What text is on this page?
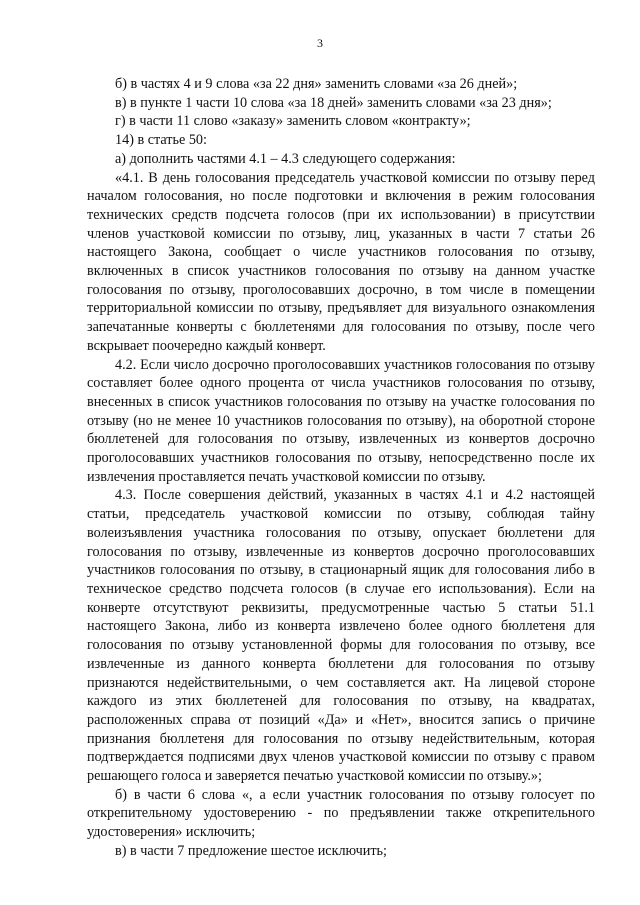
3

б) в частях 4 и 9 слова «за 22 дня» заменить словами «за 26 дней»;

в) в пункте 1 части 10 слова «за 18 дней» заменить словами «за 23 дня»;

г) в части 11 слово «заказу» заменить словом «контракту»;

14) в статье 50:

а) дополнить частями 4.1 – 4.3 следующего содержания:

«4.1. В день голосования председатель участковой комиссии по отзыву перед началом голосования, но после подготовки и включения в режим голосования технических средств подсчета голосов (при их использовании) в присутствии членов участковой комиссии по отзыву, лиц, указанных в части 7 статьи 26 настоящего Закона, сообщает о числе участников голосования по отзыву, включенных в список участников голосования по отзыву на данном участке голосования по отзыву, проголосовавших досрочно, в том числе в помещении территориальной комиссии по отзыву, предъявляет для визуального ознакомления запечатанные конверты с бюллетенями для голосования по отзыву, после чего вскрывает поочередно каждый конверт.

4.2. Если число досрочно проголосовавших участников голосования по отзыву составляет более одного процента от числа участников голосования по отзыву, внесенных в список участников голосования по отзыву на участке голосования по отзыву (но не менее 10 участников голосования по отзыву), на оборотной стороне бюллетеней для голосования по отзыву, извлеченных из конвертов досрочно проголосовавших участников голосования по отзыву, непосредственно после их извлечения проставляется печать участковой комиссии по отзыву.

4.3. После совершения действий, указанных в частях 4.1 и 4.2 настоящей статьи, председатель участковой комиссии по отзыву, соблюдая тайну волеизъявления участника голосования по отзыву, опускает бюллетени для голосования по отзыву, извлеченные из конвертов досрочно проголосовавших участников голосования по отзыву, в стационарный ящик для голосования либо в техническое средство подсчета голосов (в случае его использования). Если на конверте отсутствуют реквизиты, предусмотренные частью 5 статьи 51.1 настоящего Закона, либо из конверта извлечено более одного бюллетеня для голосования по отзыву установленной формы для голосования по отзыву, все извлеченные из данного конверта бюллетени для голосования по отзыву признаются недействительными, о чем составляется акт. На лицевой стороне каждого из этих бюллетеней для голосования по отзыву, на квадратах, расположенных справа от позиций «Да» и «Нет», вносится запись о причине признания бюллетеня для голосования по отзыву недействительным, которая подтверждается подписями двух членов участковой комиссии по отзыву с правом решающего голоса и заверяется печатью участковой комиссии по отзыву.»;

б) в части 6 слова «, а если участник голосования по отзыву голосует по открепительному удостоверению - по предъявлении также открепительного удостоверения» исключить;

в) в части 7 предложение шестое исключить;
